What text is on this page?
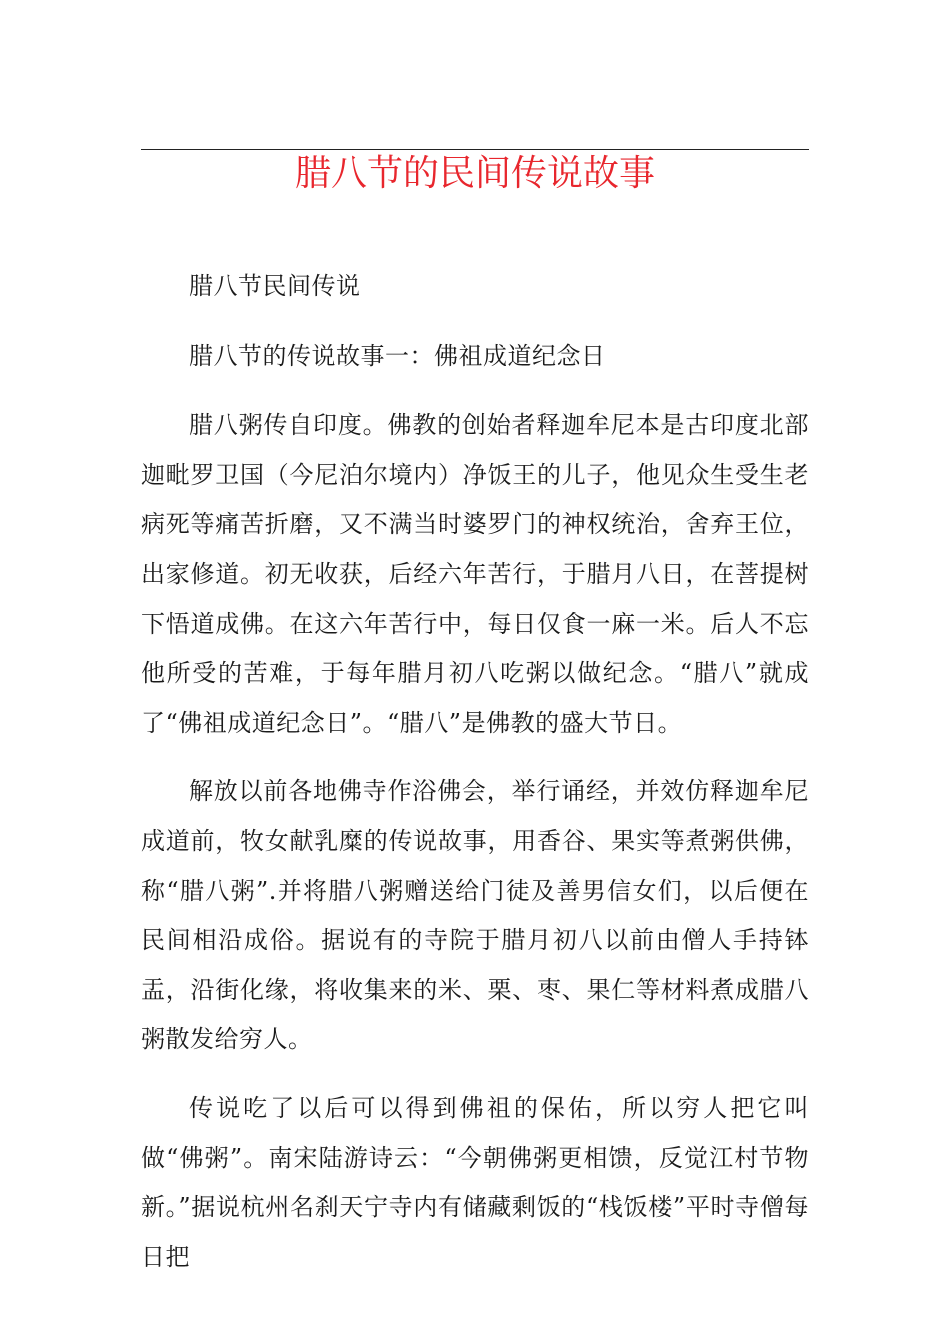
腊八节的民间传说故事

腊八节民间传说

腊八节的传说故事一：佛祖成道纪念日

腊八粥传自印度。佛教的创始者释迦牟尼本是古印度北部迦毗罗卫国（今尼泊尔境内）净饭王的儿子，他见众生受生老病死等痛苦折磨，又不满当时婆罗门的神权统治，舍弃王位，出家修道。初无收获，后经六年苦行，于腊月八日，在菩提树下悟道成佛。在这六年苦行中，每日仅食一麻一米。后人不忘他所受的苦难，于每年腊月初八吃粥以做纪念。“腊八”就成了“佛祖成道纪念日”。“腊八”是佛教的盛大节日。

解放以前各地佛寺作浴佛会，举行诵经，并效仿释迦牟尼成道前，牧女献乳糜的传说故事，用香谷、果实等煮粥供佛，称“腊八粥”.并将腊八粥赠送给门徒及善男信女们，以后便在民间相沿成俗。据说有的寺院于腊月初八以前由僧人手持钵盂，沿街化缘，将收集来的米、栗、枣、果仁等材料煮成腊八粥散发给穷人。

传说吃了以后可以得到佛祖的保佑，所以穷人把它叫做“佛粥”。南宋陆游诗云：“今朝佛粥更相馈，反觉江村节物新。”据说杭州名刹天宁寺内有储藏剩饭的“栈饭楼”平时寺僧每日把
